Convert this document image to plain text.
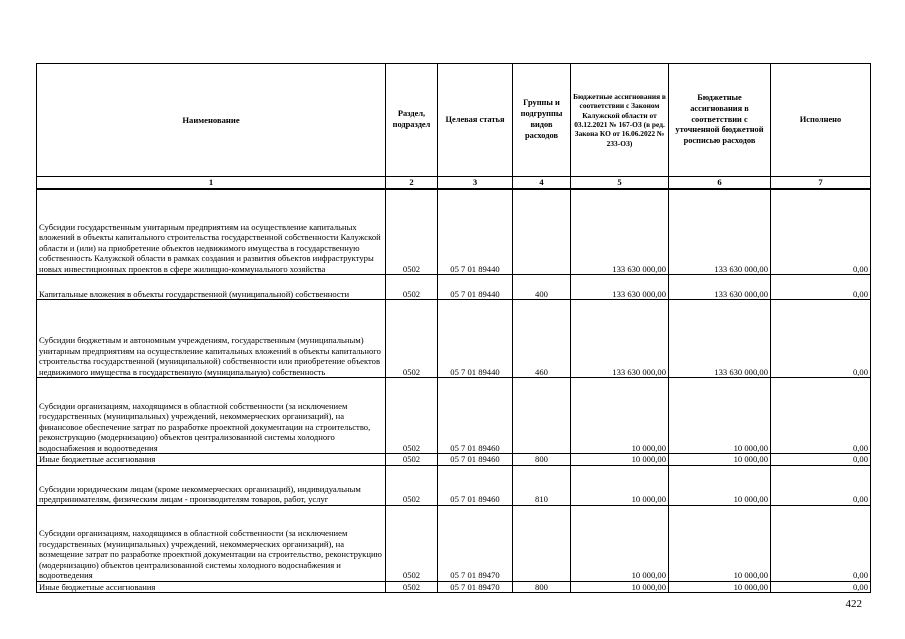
Наименование	Раздел, подраздел	Целевая статья	Группы и подгруппы видов расходов	Бюджетные ассигнования в соответствии с Законом Калужской области от 03.12.2021 № 167-ОЗ (в ред. Закона КО от 16.06.2022 № 233-ОЗ)	Бюджетные ассигнования в соответствии с уточненной бюджетной росписью расходов	Исполнено
1	2	3	4	5	6	7
Субсидии государственным унитарным предприятиям на осуществление капитальных вложений в объекты капитального строительства государственной собственности Калужской области и (или) на приобретение объектов недвижимого имущества в государственную собственность Калужской области в рамках создания и развития объектов инфраструктуры новых инвестиционных проектов в сфере жилищно-коммунального хозяйства	0502	05 7 01 89440		133 630 000,00	133 630 000,00	0,00
Капитальные вложения в объекты государственной (муниципальной) собственности	0502	05 7 01 89440	400	133 630 000,00	133 630 000,00	0,00
Субсидии бюджетным и автономным учреждениям, государственным (муниципальным) унитарным предприятиям на осуществление капитальных вложений в объекты капитального строительства государственной (муниципальной) собственности или приобретение объектов недвижимого имущества в государственную (муниципальную) собственность	0502	05 7 01 89440	460	133 630 000,00	133 630 000,00	0,00
Субсидии организациям, находящимся в областной собственности (за исключением государственных (муниципальных) учреждений, некоммерческих организаций), на финансовое обеспечение затрат по разработке проектной документации на строительство, реконструкцию (модернизацию) объектов централизованной системы холодного водоснабжения и водоотведения	0502	05 7 01 89460		10 000,00	10 000,00	0,00
Иные бюджетные ассигнования	0502	05 7 01 89460	800	10 000,00	10 000,00	0,00
Субсидии юридическим лицам (кроме некоммерческих организаций), индивидуальным предпринимателям, физическим лицам - производителям товаров, работ, услуг	0502	05 7 01 89460	810	10 000,00	10 000,00	0,00
Субсидии организациям, находящимся в областной собственности (за исключением государственных (муниципальных) учреждений, некоммерческих организаций), на возмещение затрат по разработке проектной документации на строительство, реконструкцию (модернизацию) объектов централизованной системы холодного водоснабжения и водоотведения	0502	05 7 01 89470		10 000,00	10 000,00	0,00
Иные бюджетные ассигнования	0502	05 7 01 89470	800	10 000,00	10 000,00	0,00
422
